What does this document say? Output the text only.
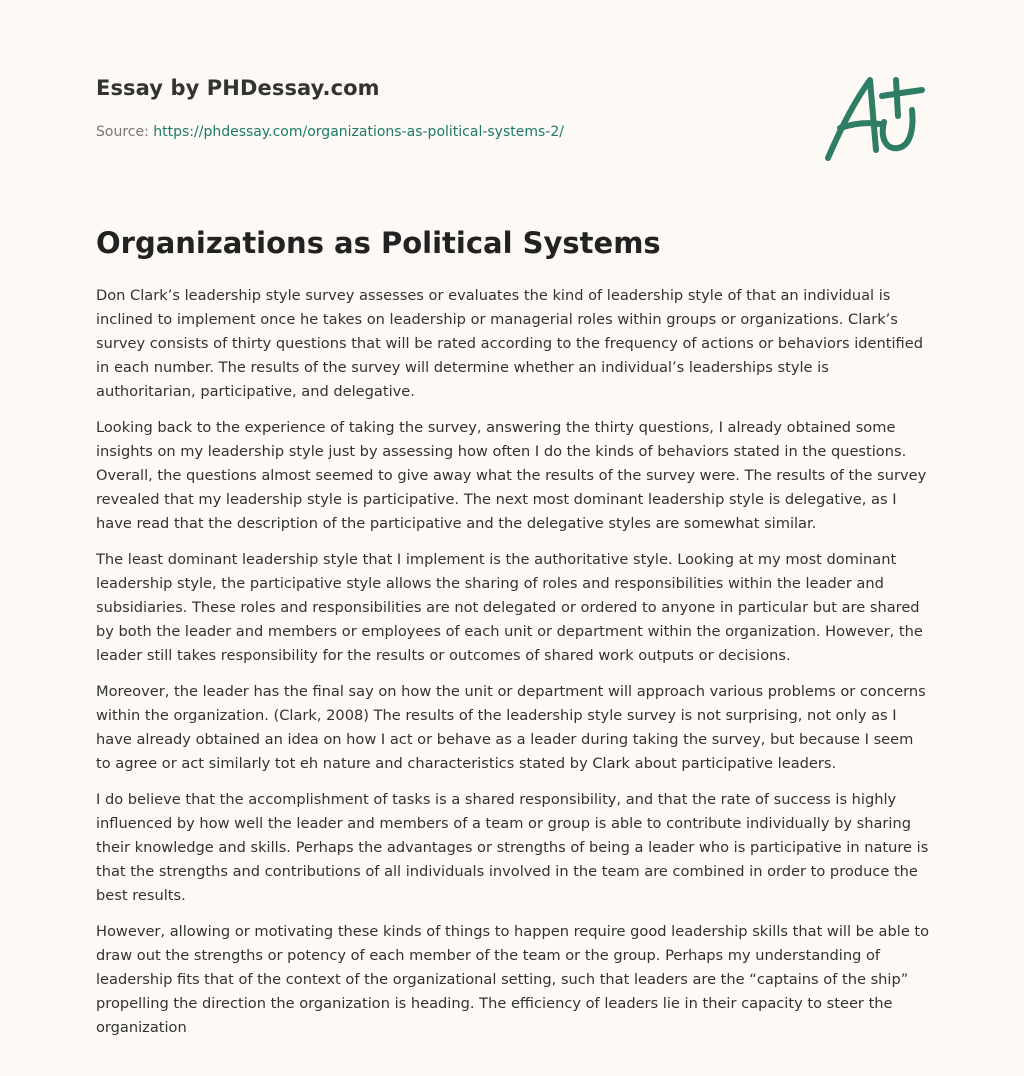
Essay by PHDessay.com
Source: https://phdessay.com/organizations-as-political-systems-2/
Organizations as Political Systems

Don Clark’s leadership style survey assesses or evaluates the kind of leadership style of that an individual is inclined to implement once he takes on leadership or managerial roles within groups or organizations. Clark’s survey consists of thirty questions that will be rated according to the frequency of actions or behaviors identified in each number. The results of the survey will determine whether an individual’s leaderships style is authoritarian, participative, and delegative.

Looking back to the experience of taking the survey, answering the thirty questions, I already obtained some insights on my leadership style just by assessing how often I do the kinds of behaviors stated in the questions. Overall, the questions almost seemed to give away what the results of the survey were. The results of the survey revealed that my leadership style is participative. The next most dominant leadership style is delegative, as I have read that the description of the participative and the delegative styles are somewhat similar.

The least dominant leadership style that I implement is the authoritative style. Looking at my most dominant leadership style, the participative style allows the sharing of roles and responsibilities within the leader and subsidiaries. These roles and responsibilities are not delegated or ordered to anyone in particular but are shared by both the leader and members or employees of each unit or department within the organization. However, the leader still takes responsibility for the results or outcomes of shared work outputs or decisions.

Moreover, the leader has the final say on how the unit or department will approach various problems or concerns within the organization. (Clark, 2008) The results of the leadership style survey is not surprising, not only as I have already obtained an idea on how I act or behave as a leader during taking the survey, but because I seem to agree or act similarly tot eh nature and characteristics stated by Clark about participative leaders.

I do believe that the accomplishment of tasks is a shared responsibility, and that the rate of success is highly influenced by how well the leader and members of a team or group is able to contribute individually by sharing their knowledge and skills. Perhaps the advantages or strengths of being a leader who is participative in nature is that the strengths and contributions of all individuals involved in the team are combined in order to produce the best results.

However, allowing or motivating these kinds of things to happen require good leadership skills that will be able to draw out the strengths or potency of each member of the team or the group. Perhaps my understanding of leadership fits that of the context of the organizational setting, such that leaders are the “captains of the ship” propelling the direction the organization is heading. The efficiency of leaders lie in their capacity to steer the organization
